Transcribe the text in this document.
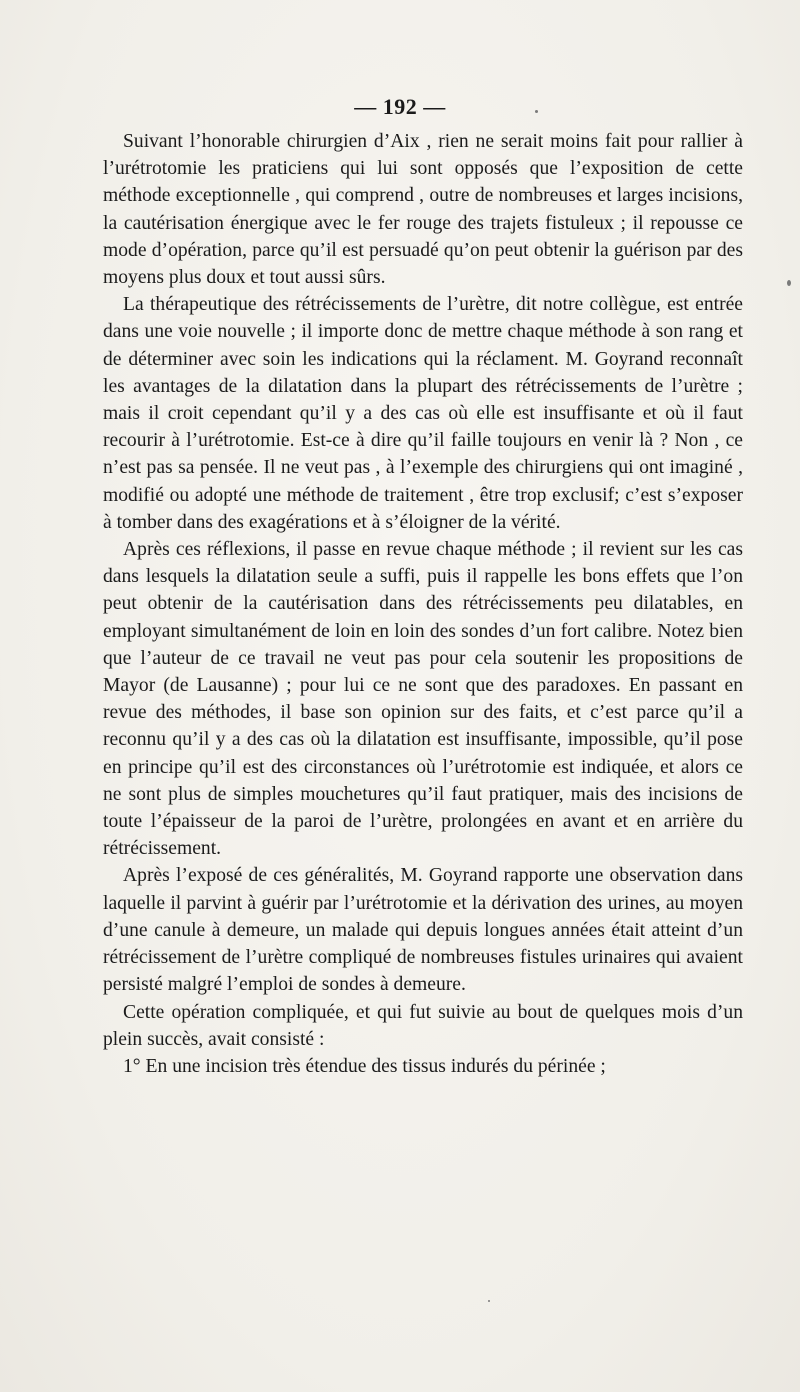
— 192 —

Suivant l’honorable chirurgien d’Aix , rien ne serait moins fait pour rallier à l’urétrotomie les praticiens qui lui sont opposés que l’exposition de cette méthode exceptionnelle , qui comprend , outre de nombreuses et larges incisions, la cautérisation énergique avec le fer rouge des trajets fistuleux ; il repousse ce mode d’opération, parce qu’il est persuadé qu’on peut obtenir la guérison par des moyens plus doux et tout aussi sûrs.

La thérapeutique des rétrécissements de l’urètre, dit notre collègue, est entrée dans une voie nouvelle ; il importe donc de mettre chaque méthode à son rang et de déterminer avec soin les indications qui la réclament. M. Goyrand reconnaît les avantages de la dilatation dans la plupart des rétrécissements de l’urètre ; mais il croit cependant qu’il y a des cas où elle est insuffisante et où il faut recourir à l’urétrotomie. Est-ce à dire qu’il faille toujours en venir là ? Non , ce n’est pas sa pensée. Il ne veut pas , à l’exemple des chirurgiens qui ont imaginé , modifié ou adopté une méthode de traitement , être trop exclusif; c’est s’exposer à tomber dans des exagérations et à s’éloigner de la vérité.

Après ces réflexions, il passe en revue chaque méthode ; il revient sur les cas dans lesquels la dilatation seule a suffi, puis il rappelle les bons effets que l’on peut obtenir de la cautérisation dans des rétrécissements peu dilatables, en employant simultanément de loin en loin des sondes d’un fort calibre. Notez bien que l’auteur de ce travail ne veut pas pour cela soutenir les propositions de Mayor (de Lausanne) ; pour lui ce ne sont que des paradoxes. En passant en revue des méthodes, il base son opinion sur des faits, et c’est parce qu’il a reconnu qu’il y a des cas où la dilatation est insuffisante, impossible, qu’il pose en principe qu’il est des circonstances où l’urétrotomie est indiquée, et alors ce ne sont plus de simples mouchetures qu’il faut pratiquer, mais des incisions de toute l’épaisseur de la paroi de l’urètre, prolongées en avant et en arrière du rétrécissement.

Après l’exposé de ces généralités, M. Goyrand rapporte une observation dans laquelle il parvint à guérir par l’urétrotomie et la dérivation des urines, au moyen d’une canule à demeure, un malade qui depuis longues années était atteint d’un rétrécissement de l’urètre compliqué de nombreuses fistules urinaires qui avaient persisté malgré l’emploi de sondes à demeure.

Cette opération compliquée, et qui fut suivie au bout de quelques mois d’un plein succès, avait consisté :

1° En une incision très étendue des tissus indurés du périnée ;
